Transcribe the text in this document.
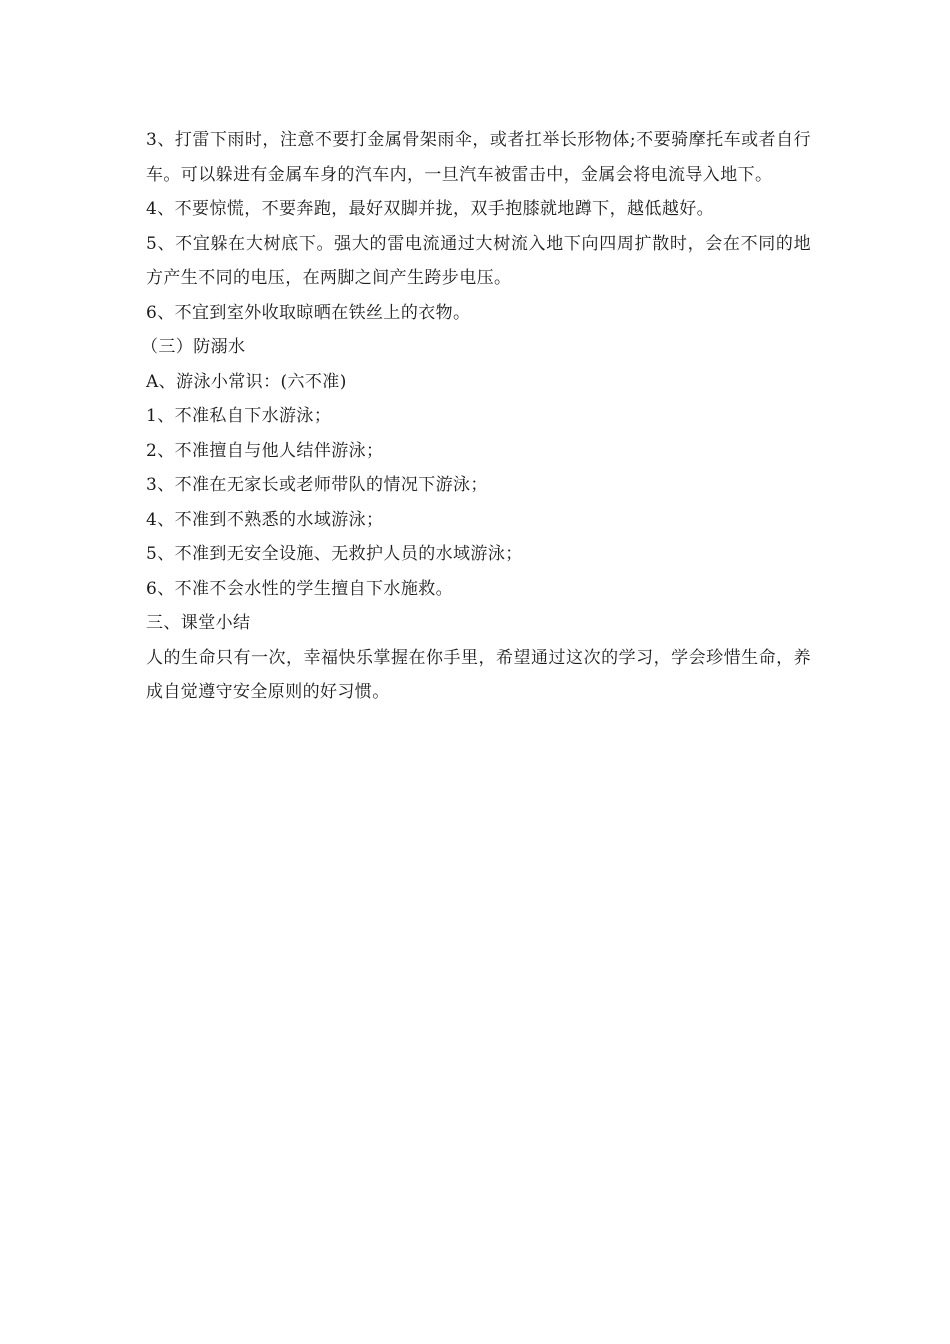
3、打雷下雨时，注意不要打金属骨架雨伞，或者扛举长形物体;不要骑摩托车或者自行车。可以躲进有金属车身的汽车内，一旦汽车被雷击中，金属会将电流导入地下。

4、不要惊慌，不要奔跑，最好双脚并拢，双手抱膝就地蹲下，越低越好。

5、不宜躲在大树底下。强大的雷电流通过大树流入地下向四周扩散时，会在不同的地方产生不同的电压，在两脚之间产生跨步电压。

6、不宜到室外收取晾晒在铁丝上的衣物。

（三）防溺水

A、游泳小常识：(六不准)

1、不准私自下水游泳；

2、不准擅自与他人结伴游泳；

3、不准在无家长或老师带队的情况下游泳；

4、不准到不熟悉的水域游泳；

5、不准到无安全设施、无救护人员的水域游泳；

6、不准不会水性的学生擅自下水施救。

三、课堂小结

人的生命只有一次，幸福快乐掌握在你手里，希望通过这次的学习，学会珍惜生命，养成自觉遵守安全原则的好习惯。
